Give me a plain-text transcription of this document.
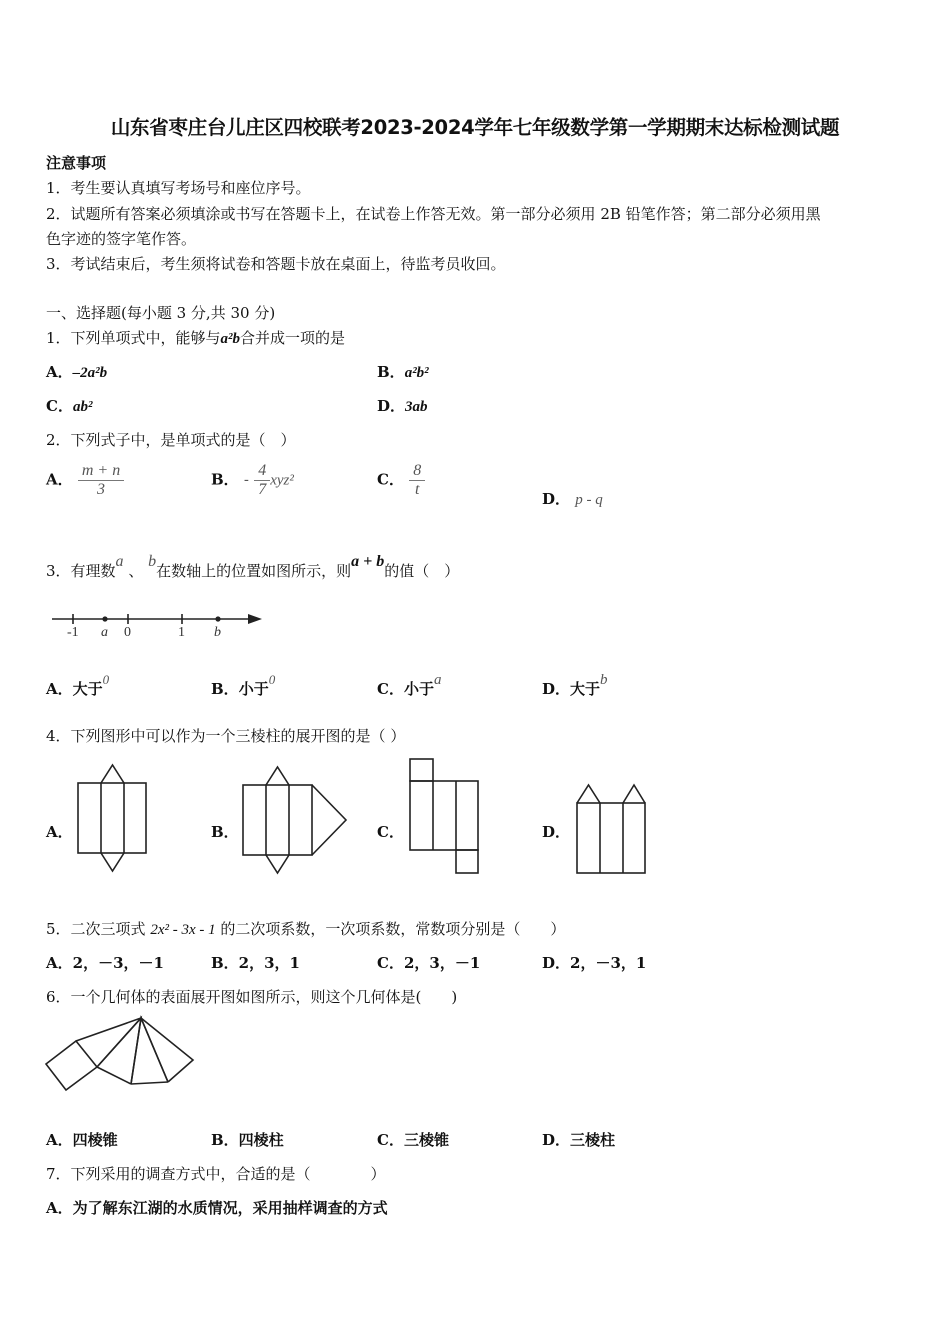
山东省枣庄台儿庄区四校联考2023-2024学年七年级数学第一学期期末达标检测试题
注意事项
1．考生要认真填写考场号和座位序号。
2．试题所有答案必须填涂或书写在答题卡上，在试卷上作答无效。第一部分必须用 2B 铅笔作答；第二部分必须用黑
色字迹的签字笔作答。
3．考试结束后，考生须将试卷和答题卡放在桌面上，待监考员收回。
一、选择题(每小题 3 分,共 30 分)
1．下列单项式中，能够与a²b合并成一项的是
A．–2a²b	B．a²b²
C．ab²	D．3ab
2．下列式子中，是单项式的是（　）
A． $\frac{m + n}{3}$	B． - $\frac{4}{7} xyz^2$	C． $\frac{8}{t}$	D． p - q
3．有理数a 、 b在数轴上的位置如图所示，则a + b的值（　）
-1 a 0	1 b
A．大于0
B．小于0
C．小于a	D．大于b
4．下列图形中可以作为一个三棱柱的展开图的是（ ）
A．	B．	C．	D．
5．二次三项式 2x² - 3x - 1 的二次项系数，一次项系数，常数项分别是（　　）
A．2，－3，－1	B．2，3，1	C．2，3，－1	D．2，－3，1
6．一个几何体的表面展开图如图所示，则这个几何体是(　　)
A．四棱锥	B．四棱柱	C．三棱锥	D．三棱柱
7．下列采用的调查方式中，合适的是（　　　　）
A．为了解东江湖的水质情况，采用抽样调查的方式
